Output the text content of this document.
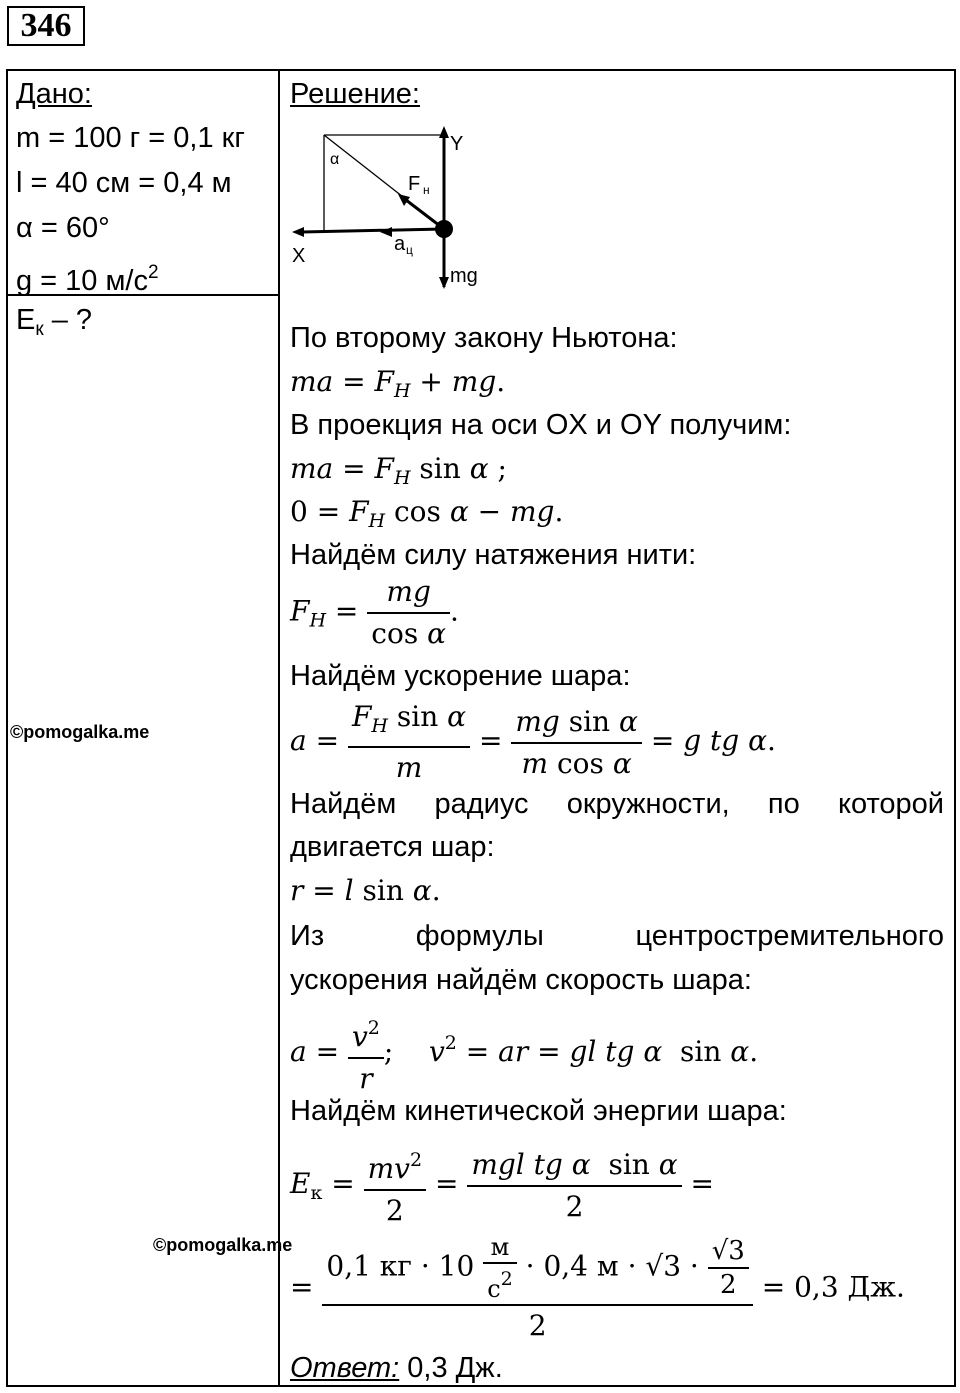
346
Дано:
m = 100 г = 0,1 кг
l = 40 см = 0,4 м
α = 60°
g = 10 $м/с^2$
$E_к$ – ?
©pomogalka.me
©pomogalka.me
Решение:
Y
X
F н
a ц
mg
α
По второму закону Ньютона:
ma = $F_H$ + mg.
В проекция на оси OX и OY получим:
ma = $F_H$ sin α ;
$0 = F_H$ cos α − mg.
Найдём силу натяжения нити:
$F_H = \frac{mg}{\text{cos α}}$ .
Найдём ускорение шара:
$a = \frac{F_H \sin \alpha}{m} = \frac{\text{mg sin α}}{\text{m cos α}} = g$ tg α.
Найдём радиус окружности, по которой
двигается шар:
r = l sin α.
Из формулы центростремительного
ускорения найдём скорость шара:
$a = \frac{v^2}{r}$ ;    $v^2$ = ar = gl tg α  sin α.
Найдём кинетической энергии шара:
$E_к = \frac{mv^2}{2} = \frac{\text{mgl tg α  sin α}}{2}$ =
= $\frac{0,1 кг \cdot 10 \frac{м}{с^2} \cdot 0,4 м \cdot √3 \cdot \frac{√3}{2}}{2} = 0,3$ Дж.
Ответ: 0,3 Дж.
